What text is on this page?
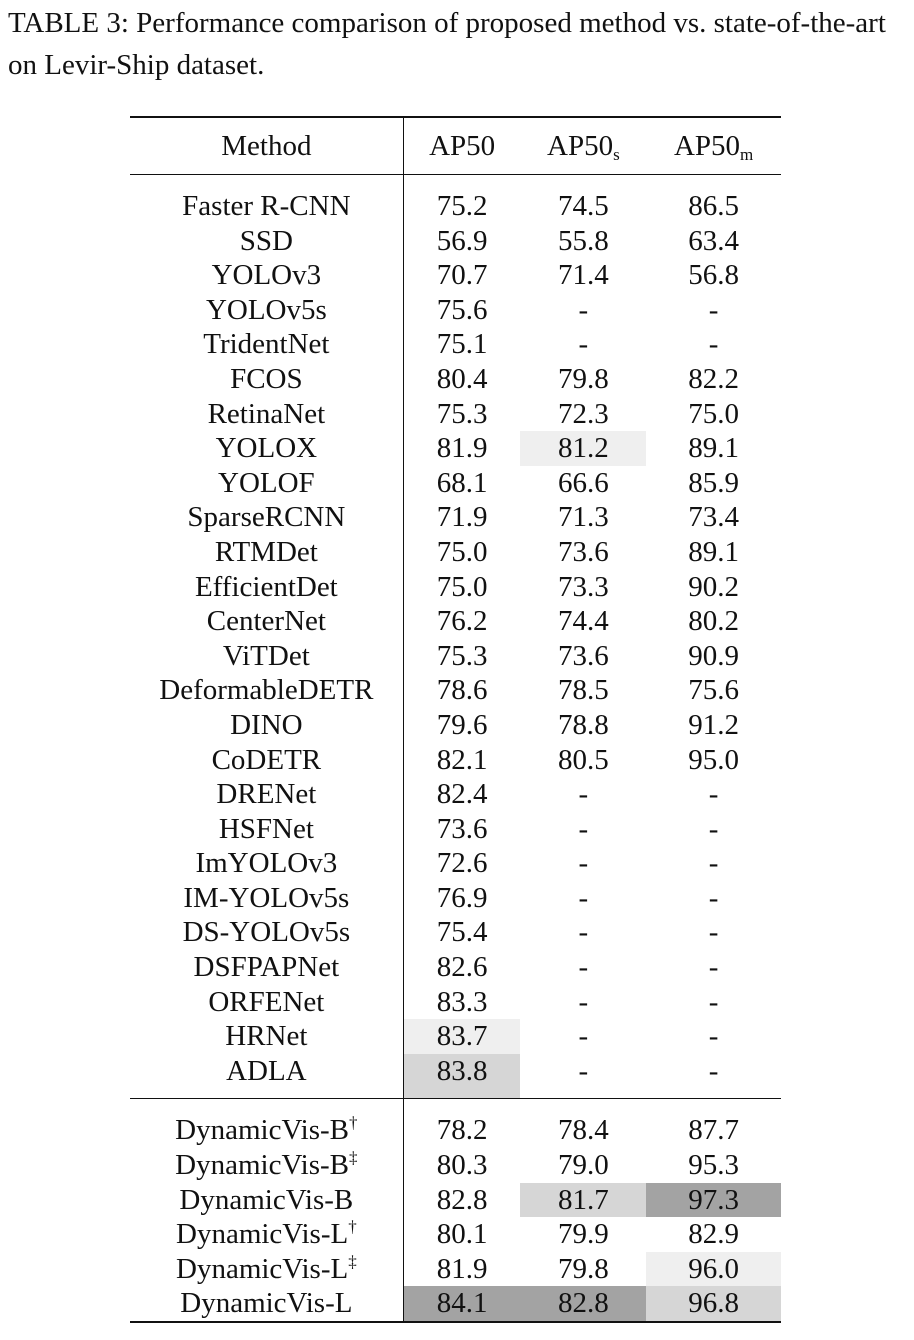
TABLE 3: Performance comparison of proposed method vs. state-of-the-art on Levir-Ship dataset.

Method	AP50	$AP50_s$	$AP50_m$
Faster R-CNN	75.2	74.5	86.5
SSD	56.9	55.8	63.4
YOLOv3	70.7	71.4	56.8
YOLOv5s	75.6	-	-
TridentNet	75.1	-	-
FCOS	80.4	79.8	82.2
RetinaNet	75.3	72.3	75.0
YOLOX	81.9	81.2	89.1
YOLOF	68.1	66.6	85.9
SparseRCNN	71.9	71.3	73.4
RTMDet	75.0	73.6	89.1
EfficientDet	75.0	73.3	90.2
CenterNet	76.2	74.4	80.2
ViTDet	75.3	73.6	90.9
DeformableDETR	78.6	78.5	75.6
DINO	79.6	78.8	91.2
CoDETR	82.1	80.5	95.0
DRENet	82.4	-	-
HSFNet	73.6	-	-
ImYOLOv3	72.6	-	-
IM-YOLOv5s	76.9	-	-
DS-YOLOv5s	75.4	-	-
DSFPAPNet	82.6	-	-
ORFENet	83.3	-	-
HRNet	83.7	-	-
ADLA	83.8	-	-
DynamicVis-B†	78.2	78.4	87.7
DynamicVis-B‡	80.3	79.0	95.3
DynamicVis-B	82.8	81.7	97.3
DynamicVis-L†	80.1	79.9	82.9
DynamicVis-L‡	81.9	79.8	96.0
DynamicVis-L	84.1	82.8	96.8
